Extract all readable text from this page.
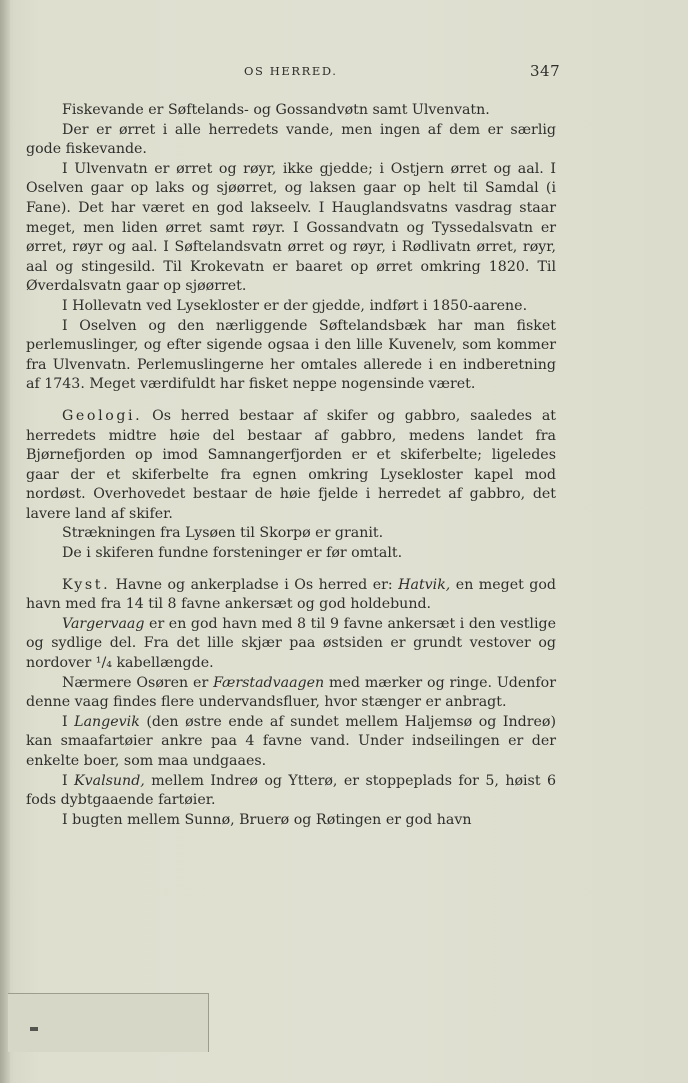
OS HERRED.	347

Fiskevande er Søftelands- og Gossandvøtn samt Ulvenvatn.

Der er ørret i alle herredets vande, men ingen af dem er særlig gode fiskevande.

I Ulvenvatn er ørret og røyr, ikke gjedde; i Ostjern ørret og aal. I Oselven gaar op laks og sjøørret, og laksen gaar op helt til Samdal (i Fane). Det har været en god lakseelv. I Hauglandsvatns vasdrag staar meget, men liden ørret samt røyr. I Gossandvatn og Tyssedalsvatn er ørret, røyr og aal. I Søftelandsvatn ørret og røyr, i Rødlivatn ørret, røyr, aal og stingesild. Til Krokevatn er baaret op ørret omkring 1820. Til Øverdalsvatn gaar op sjøørret.

I Hollevatn ved Lysekloster er der gjedde, indført i 1850-aarene.

I Oselven og den nærliggende Søftelandsbæk har man fisket perlemuslinger, og efter sigende ogsaa i den lille Kuvenelv, som kommer fra Ulvenvatn. Perlemuslingerne her omtales allerede i en indberetning af 1743. Meget værdifuldt har fisket neppe nogensinde været.

Geologi. Os herred bestaar af skifer og gabbro, saaledes at herredets midtre høie del bestaar af gabbro, medens landet fra Bjørnefjorden op imod Samnangerfjorden er et skiferbelte; ligeledes gaar der et skiferbelte fra egnen omkring Lysekloster kapel mod nordøst. Overhovedet bestaar de høie fjelde i herredet af gabbro, det lavere land af skifer.

Strækningen fra Lysøen til Skorpø er granit.

De i skiferen fundne forsteninger er før omtalt.

Kyst. Havne og ankerpladse i Os herred er: Hatvik, en meget god havn med fra 14 til 8 favne ankersæt og god holdebund.

Vargervaag er en god havn med 8 til 9 favne ankersæt i den vestlige og sydlige del. Fra det lille skjær paa østsiden er grundt vestover og nordover ¹/₄ kabellængde.

Nærmere Osøren er Færstadvaagen med mærker og ringe. Udenfor denne vaag findes flere undervandsfluer, hvor stænger er anbragt.

I Langevik (den østre ende af sundet mellem Haljemsø og Indreø) kan smaafartøier ankre paa 4 favne vand. Under indseilingen er der enkelte boer, som maa undgaaes.

I Kvalsund, mellem Indreø og Ytterø, er stoppeplads for 5, høist 6 fods dybtgaaende fartøier.

I bugten mellem Sunnø, Bruerø og Røtingen er god havn
